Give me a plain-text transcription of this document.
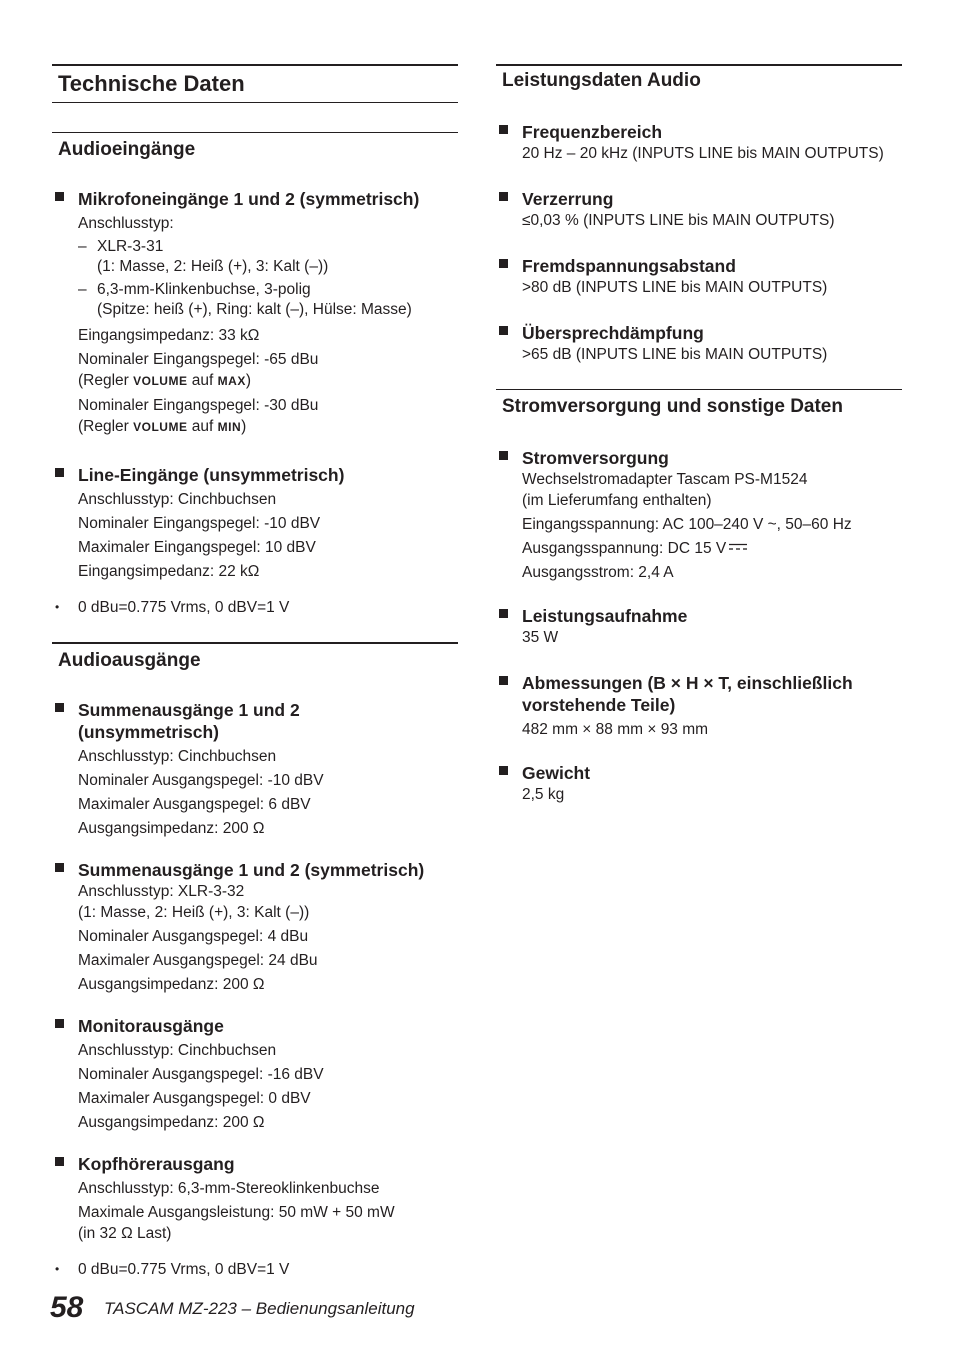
Technische Daten
Audioeingänge
Mikrofoneingänge 1 und 2 (symmetrisch)
Anschlusstyp:
– XLR-3-31
(1: Masse, 2: Heiß (+), 3: Kalt (–))
– 6,3-mm-Klinkenbuchse, 3-polig
(Spitze: heiß (+), Ring: kalt (–), Hülse: Masse)
Eingangsimpedanz: 33 kΩ
Nominaler Eingangspegel: -65 dBu
(Regler VOLUME auf MAX)
Nominaler Eingangspegel: -30 dBu
(Regler VOLUME auf MIN)
Line-Eingänge (unsymmetrisch)
Anschlusstyp: Cinchbuchsen
Nominaler Eingangspegel: -10 dBV
Maximaler Eingangspegel: 10 dBV
Eingangsimpedanz: 22 kΩ
• 0 dBu=0.775 Vrms, 0 dBV=1 V
Audioausgänge
Summenausgänge 1 und 2
(unsymmetrisch)
Anschlusstyp: Cinchbuchsen
Nominaler Ausgangspegel: -10 dBV
Maximaler Ausgangspegel: 6 dBV
Ausgangsimpedanz: 200 Ω
Summenausgänge 1 und 2 (symmetrisch)
Anschlusstyp: XLR-3-32
(1: Masse, 2: Heiß (+), 3: Kalt (–))
Nominaler Ausgangspegel: 4 dBu
Maximaler Ausgangspegel: 24 dBu
Ausgangsimpedanz: 200 Ω
Monitorausgänge
Anschlusstyp: Cinchbuchsen
Nominaler Ausgangspegel: -16 dBV
Maximaler Ausgangspegel: 0 dBV
Ausgangsimpedanz: 200 Ω
Kopfhörerausgang
Anschlusstyp: 6,3-mm-Stereoklinkenbuchse
Maximale Ausgangsleistung: 50 mW + 50 mW
(in 32 Ω Last)
• 0 dBu=0.775 Vrms, 0 dBV=1 V
Leistungsdaten Audio
Frequenzbereich
20 Hz – 20 kHz (INPUTS LINE bis MAIN OUTPUTS)
Verzerrung
≤0,03 % (INPUTS LINE bis MAIN OUTPUTS)
Fremdspannungsabstand
>80 dB (INPUTS LINE bis MAIN OUTPUTS)
Übersprechdämpfung
>65 dB (INPUTS LINE bis MAIN OUTPUTS)
Stromversorgung und sonstige Daten
Stromversorgung
Wechselstromadapter Tascam PS-M1524
(im Lieferumfang enthalten)
Eingangsspannung: AC 100–240 V ~, 50–60 Hz
Ausgangsspannung: DC 15 V
Ausgangsstrom: 2,4 A
Leistungsaufnahme
35 W
Abmessungen (B × H × T, einschließlich
vorstehende Teile)
482 mm × 88 mm × 93 mm
Gewicht
2,5 kg
58 TASCAM MZ-223 – Bedienungsanleitung
